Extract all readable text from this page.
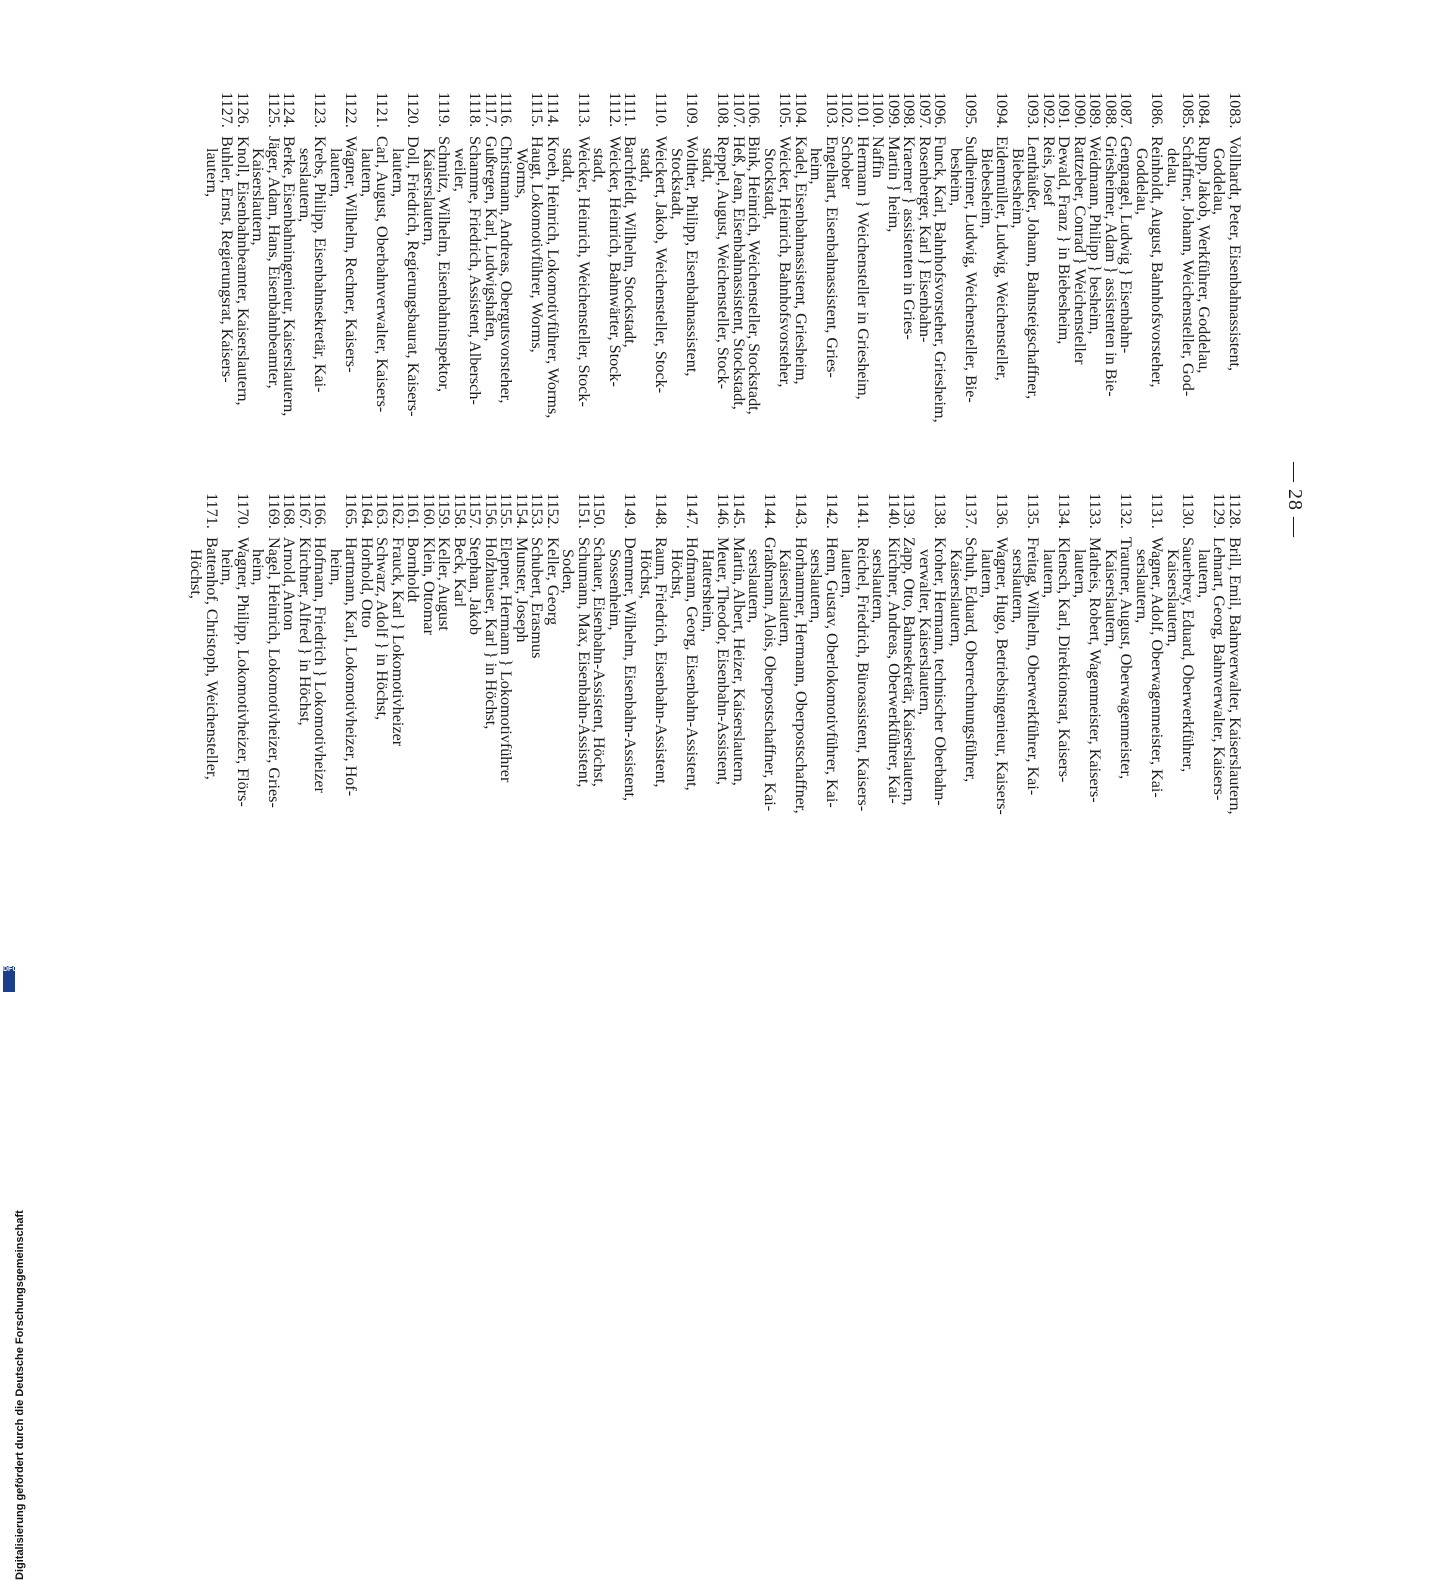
— 28 —
1083.Vollhardt, Peter, Eisenbahnassistent,
Goddelau,
1084.Rupp, Jakob, Werkführer, Goddelau,
1085.Schaffner, Johann, Weichensteller, God-
delau,
1086.Reinholdt, August, Bahnhofsvorsteher,
Goddelau,
1087.Gengnagel, Ludwig } Eisenbahn-
1088.Griesheimer, Adam } assistenten in Bie-
1089.Weidmann, Philipp } besheim,
1090.Rattzeber, Conrad } Weichensteller
1091.Dewald, Franz } in Biebesheim,
1092.Reis, Josef
1093.Lenthäußer, Johann, Bahnsteigschaffner,
Biebesheim,
1094.Eidenmüller, Ludwig, Weichensteller,
Biebesheim,
1095.Sudheimer, Ludwig, Weichensteller, Bie-
besheim,
1096.Funck, Karl, Bahnhofsvorsteher, Griesheim,
1097.Rosenberger, Karl } Eisenbahn-
1098.Kraemer } assistenten in Gries-
1099.Martin } heim,
1100.Naffin
1101.Hermann } Weichensteller in Griesheim,
1102.Schober
1103.Engelhart, Eisenbahnassistent, Gries-
heim,
1104.Kadel, Eisenbahnassistent, Griesheim,
1105.Weicker, Heinrich, Bahnhofsvorsteher,
Stockstadt,
1106.Bink, Heinrich, Weichensteller, Stockstadt,
1107.Heß, Jean, Eisenbahnassistent, Stockstadt,
1108.Reppel, August, Weichensteller, Stock-
stadt,
1109.Wolther, Philipp, Eisenbahnassistent,
Stockstadt,
1110.Weickert, Jakob, Weichensteller, Stock-
stadt,
1111.Barchfeldt, Wilhelm, Stockstadt,
1112.Weicker, Heinrich, Bahnwärter, Stock-
stadt,
1113.Weicker, Heinrich, Weichensteller, Stock-
stadt,
1114.Kroeh, Heinrich, Lokomotivführer, Worms,
1115.Haugt, Lokomotivführer, Worms,
Worms,
1116.Christmann, Andreas, Obergutsvorsteher,
1117.Gußregen, Karl, Ludwigshafen,
1118.Schamme, Friedrich, Assistent, Albersch-
weiler,
1119.Schmitz, Wilhelm, Eisenbahninspektor,
Kaiserslautern,
1120.Doll, Friedrich, Regierungsbaurat, Kaisers-
lautern,
1121.Carl, August, Oberbahnverwalter, Kaisers-
lautern,
1122.Wagner, Wilhelm, Rechner, Kaisers-
lautern,
1123.Krebs, Philipp, Eisenbahnsekretär, Kai-
serslautern,
1124.Berke, Eisenbahningenieur, Kaiserslautern,
1125.Jäger, Adam, Hans, Eisenbahnbeamter,
Kaiserslautern,
1126.Knoll, Eisenbahnbeamter, Kaiserslautern,
1127.Buhler, Ernst, Regierungsrat, Kaisers-
lautern,
1128.Brill, Emil, Bahnverwalter, Kaiserslautern,
1129.Lehnart, Georg, Bahnverwalter, Kaisers-
lautern,
1130.Sauerbrey, Eduard, Oberwerkführer,
Kaiserslautern,
1131.Wagner, Adolf, Oberwagenmeister, Kai-
serslautern,
1132.Trautner, August, Oberwagenmeister,
Kaiserslautern,
1133.Matheis, Robert, Wagenmeister, Kaisers-
lautern,
1134.Klensch, Karl, Direktionsrat, Kaisers-
lautern,
1135.Freitag, Wilhelm, Oberwerkführer, Kai-
serslautern,
1136.Wagner, Hugo, Betriebsingenieur, Kaisers-
lautern,
1137.Schuh, Eduard, Oberrechnungsführer,
Kaiserslautern,
1138.Kroher, Hermann, technischer Oberbahn-
verwalter, Kaiserslautern,
1139.Zapp, Otto, Bahnsekretär, Kaiserslautern,
1140.Kirchner, Andreas, Oberwerkführer, Kai-
serslautern,
1141.Reichel, Friedrich, Büroassistent, Kaisers-
lautern,
1142.Henn, Gustav, Oberlokomotivführer, Kai-
serslautern,
1143.Horhammer, Hermann, Oberpostschaffner,
Kaiserslautern,
1144.Graßmann, Alois, Oberpostschaffner, Kai-
serslautern,
1145.Martin, Albert, Heizer, Kaiserslautern,
1146.Meuer, Theodor, Eisenbahn-Assistent,
Hattersheim,
1147.Hofmann, Georg, Eisenbahn-Assistent,
Höchst,
1148.Raum, Friedrich, Eisenbahn-Assistent,
Höchst,
1149.Demmer, Wilhelm, Eisenbahn-Assistent,
Sossenheim,
1150.Schauer, Eisenbahn-Assistent, Höchst,
1151.Schumann, Max, Eisenbahn-Assistent,
Soden,
1152.Keller, Georg
1153.Schubert, Erasmus
1154.Munster, Joseph
1155.Elepner, Hermann } Lokomotivführer
1156.Holzhauser, Karl } in Höchst,
1157.Stephan, Jakob
1158.Beck, Karl
1159.Keller, August
1160.Klein, Ottomar
1161.Bornholdt
1162.Frauck, Karl } Lokomotivheizer
1163.Schwarz, Adolf } in Höchst,
1164.Horhold, Otto
1165.Hartmann, Karl, Lokomotivheizer, Hof-
heim,
1166.Hofmann, Friedrich } Lokomotivheizer
1167.Kirchner, Alfred } in Höchst,
1168.Arnold, Anton
1169.Nagel, Heinrich, Lokomotivheizer, Gries-
heim,
1170.Wagner, Philipp, Lokomotivheizer, Flörs-
heim,
1171.Battenhof, Christoph, Weichensteller,
Höchst,
Digitalisierung gefördert durch die Deutsche Forschungsgemeinschaft
DFG
